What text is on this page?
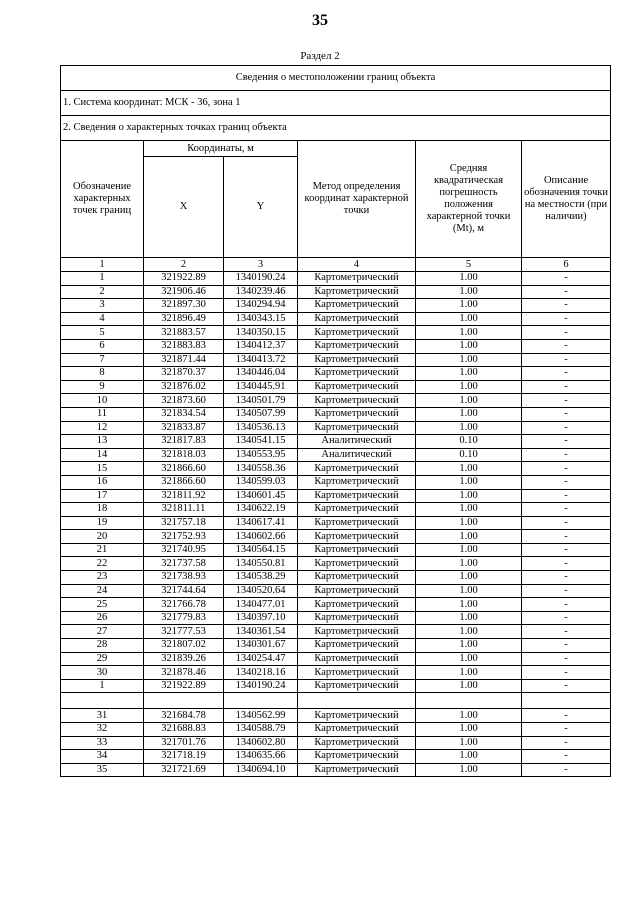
35
Раздел 2
Сведения о местоположении границ объекта					
1. Система координат: МСК - 36, зона 1					
2. Сведения о характерных точках границ объекта					
Обозначение характерных точек границ	Координаты, м		Метод определения координат характерной точки	Средняя квадратическая погрешность положения характерной точки (Mt), м	Описание обозначения точки на местности (при наличии)
	X	Y			
1	2	3	4	5	6
1	321922.89	1340190.24	Картометрический	1.00	-
2	321906.46	1340239.46	Картометрический	1.00	-
3	321897.30	1340294.94	Картометрический	1.00	-
4	321896.49	1340343.15	Картометрический	1.00	-
5	321883.57	1340350.15	Картометрический	1.00	-
6	321883.83	1340412.37	Картометрический	1.00	-
7	321871.44	1340413.72	Картометрический	1.00	-
8	321870.37	1340446.04	Картометрический	1.00	-
9	321876.02	1340445.91	Картометрический	1.00	-
10	321873.60	1340501.79	Картометрический	1.00	-
11	321834.54	1340507.99	Картометрический	1.00	-
12	321833.87	1340536.13	Картометрический	1.00	-
13	321817.83	1340541.15	Аналитический	0.10	-
14	321818.03	1340553.95	Аналитический	0.10	-
15	321866.60	1340558.36	Картометрический	1.00	-
16	321866.60	1340599.03	Картометрический	1.00	-
17	321811.92	1340601.45	Картометрический	1.00	-
18	321811.11	1340622.19	Картометрический	1.00	-
19	321757.18	1340617.41	Картометрический	1.00	-
20	321752.93	1340602.66	Картометрический	1.00	-
21	321740.95	1340564.15	Картометрический	1.00	-
22	321737.58	1340550.81	Картометрический	1.00	-
23	321738.93	1340538.29	Картометрический	1.00	-
24	321744.64	1340520.64	Картометрический	1.00	-
25	321766.78	1340477.01	Картометрический	1.00	-
26	321779.83	1340397.10	Картометрический	1.00	-
27	321777.53	1340361.54	Картометрический	1.00	-
28	321807.02	1340301.67	Картометрический	1.00	-
29	321839.26	1340254.47	Картометрический	1.00	-
30	321878.46	1340218.16	Картометрический	1.00	-
1	321922.89	1340190.24	Картометрический	1.00	-

31	321684.78	1340562.99	Картометрический	1.00	-
32	321688.83	1340588.79	Картометрический	1.00	-
33	321701.76	1340602.80	Картометрический	1.00	-
34	321718.19	1340635.66	Картометрический	1.00	-
35	321721.69	1340694.10	Картометрический	1.00	-
